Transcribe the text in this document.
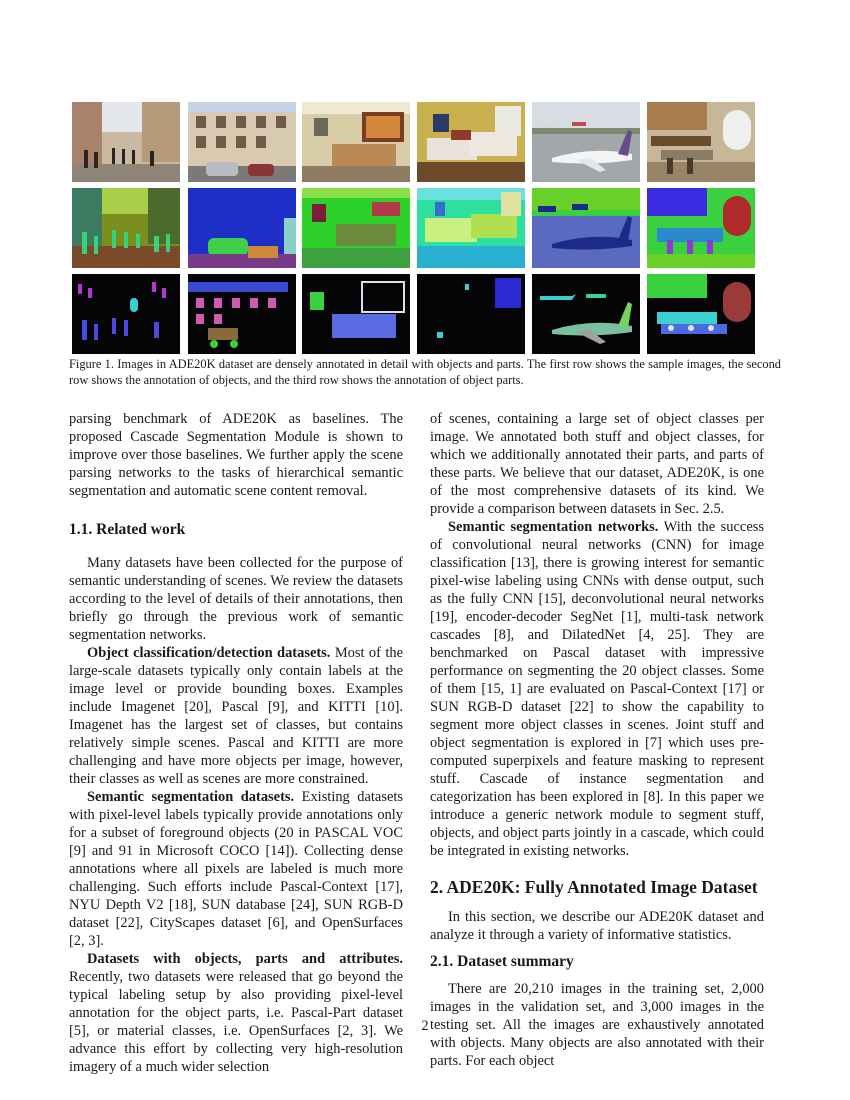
Figure 1. Images in ADE20K dataset are densely annotated in detail with objects and parts. The first row shows the sample images, the second row shows the annotation of objects, and the third row shows the annotation of object parts.

parsing benchmark of ADE20K as baselines. The proposed Cascade Segmentation Module is shown to improve over those baselines. We further apply the scene parsing networks to the tasks of hierarchical semantic segmentation and automatic scene content removal.

1.1. Related work

Many datasets have been collected for the purpose of semantic understanding of scenes. We review the datasets according to the level of details of their annotations, then briefly go through the previous work of semantic segmentation networks.

Object classification/detection datasets. Most of the large-scale datasets typically only contain labels at the image level or provide bounding boxes. Examples include Imagenet [20], Pascal [9], and KITTI [10]. Imagenet has the largest set of classes, but contains relatively simple scenes. Pascal and KITTI are more challenging and have more objects per image, however, their classes as well as scenes are more constrained.

Semantic segmentation datasets. Existing datasets with pixel-level labels typically provide annotations only for a subset of foreground objects (20 in PASCAL VOC [9] and 91 in Microsoft COCO [14]). Collecting dense annotations where all pixels are labeled is much more challenging. Such efforts include Pascal-Context [17], NYU Depth V2 [18], SUN database [24], SUN RGB-D dataset [22], CityScapes dataset [6], and OpenSurfaces [2, 3].

Datasets with objects, parts and attributes. Recently, two datasets were released that go beyond the typical labeling setup by also providing pixel-level annotation for the object parts, i.e. Pascal-Part dataset [5], or material classes, i.e. OpenSurfaces [2, 3]. We advance this effort by collecting very high-resolution imagery of a much wider selection

of scenes, containing a large set of object classes per image. We annotated both stuff and object classes, for which we additionally annotated their parts, and parts of these parts. We believe that our dataset, ADE20K, is one of the most comprehensive datasets of its kind. We provide a comparison between datasets in Sec. 2.5.

Semantic segmentation networks. With the success of convolutional neural networks (CNN) for image classification [13], there is growing interest for semantic pixel-wise labeling using CNNs with dense output, such as the fully CNN [15], deconvolutional neural networks [19], encoder-decoder SegNet [1], multi-task network cascades [8], and DilatedNet [4, 25]. They are benchmarked on Pascal dataset with impressive performance on segmenting the 20 object classes. Some of them [15, 1] are evaluated on Pascal-Context [17] or SUN RGB-D dataset [22] to show the capability to segment more object classes in scenes. Joint stuff and object segmentation is explored in [7] which uses pre-computed superpixels and feature masking to represent stuff. Cascade of instance segmentation and categorization has been explored in [8]. In this paper we introduce a generic network module to segment stuff, objects, and object parts jointly in a cascade, which could be integrated in existing networks.

2. ADE20K: Fully Annotated Image Dataset

In this section, we describe our ADE20K dataset and analyze it through a variety of informative statistics.

2.1. Dataset summary

There are 20,210 images in the training set, 2,000 images in the validation set, and 3,000 images in the testing set. All the images are exhaustively annotated with objects. Many objects are also annotated with their parts. For each object

2
